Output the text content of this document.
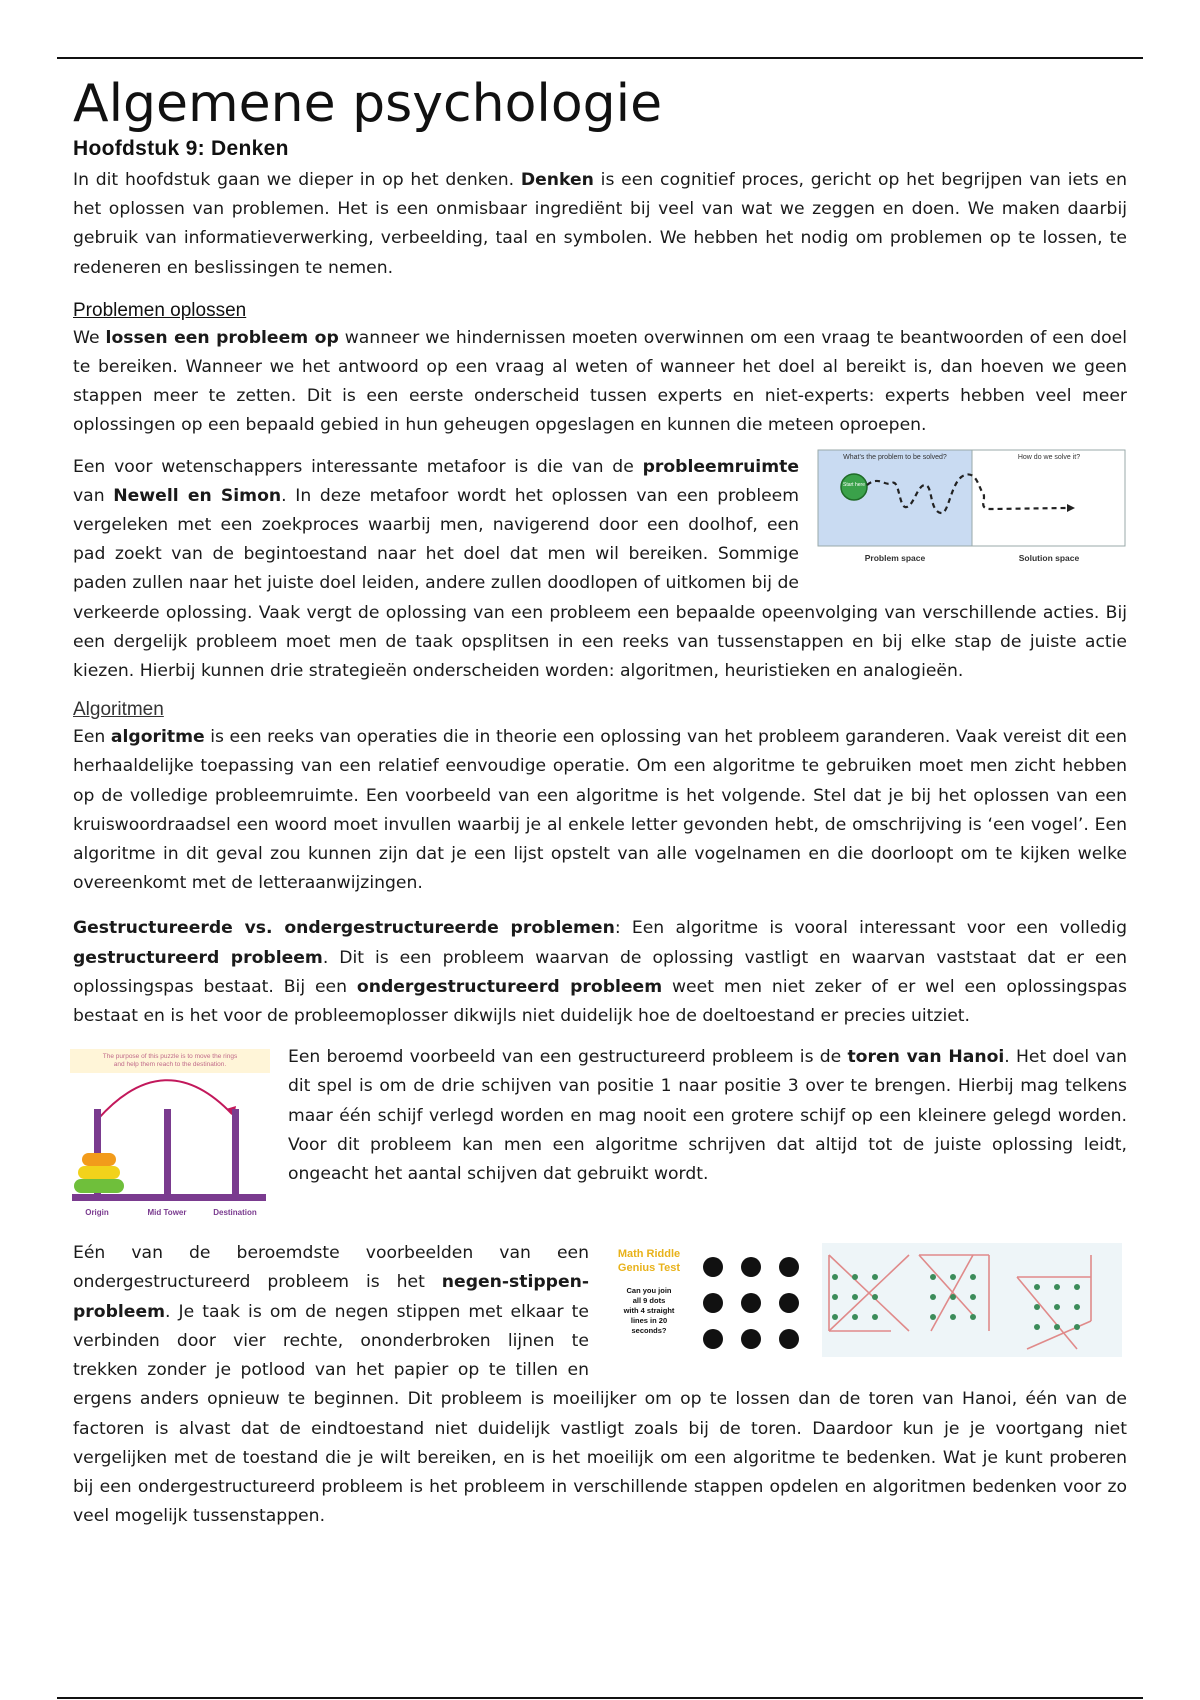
Algemene psychologie
Hoofdstuk 9: Denken

In dit hoofdstuk gaan we dieper in op het denken. Denken is een cognitief proces, gericht op het begrijpen van iets en het oplossen van problemen. Het is een onmisbaar ingrediënt bij veel van wat we zeggen en doen. We maken daarbij gebruik van informatieverwerking, verbeelding, taal en symbolen. We hebben het nodig om problemen op te lossen, te redeneren en beslissingen te nemen.

Problemen oplossen

We lossen een probleem op wanneer we hindernissen moeten overwinnen om een vraag te beantwoorden of een doel te bereiken. Wanneer we het antwoord op een vraag al weten of wanneer het doel al bereikt is, dan hoeven we geen stappen meer te zetten. Dit is een eerste onderscheid tussen experts en niet-experts: experts hebben veel meer oplossingen op een bepaald gebied in hun geheugen opgeslagen en kunnen die meteen oproepen.

What's the problem to be solved?	How do we solve it?
Start here
Problem space	Solution space

Een voor wetenschappers interessante metafoor is die van de probleemruimte van Newell en Simon. In deze metafoor wordt het oplossen van een probleem vergeleken met een zoekproces waarbij men, navigerend door een doolhof, een pad zoekt van de begintoestand naar het doel dat men wil bereiken. Sommige paden zullen naar het juiste doel leiden, andere zullen doodlopen of uitkomen bij de verkeerde oplossing. Vaak vergt de oplossing van een probleem een bepaalde opeenvolging van verschillende acties. Bij een dergelijk probleem moet men de taak opsplitsen in een reeks van tussenstappen en bij elke stap de juiste actie kiezen. Hierbij kunnen drie strategieën onderscheiden worden: algoritmen, heuristieken en analogieën.

Algoritmen

Een algoritme is een reeks van operaties die in theorie een oplossing van het probleem garanderen. Vaak vereist dit een herhaaldelijke toepassing van een relatief eenvoudige operatie. Om een algoritme te gebruiken moet men zicht hebben op de volledige probleemruimte. Een voorbeeld van een algoritme is het volgende. Stel dat je bij het oplossen van een kruiswoordraadsel een woord moet invullen waarbij je al enkele letter gevonden hebt, de omschrijving is ‘een vogel’. Een algoritme in dit geval zou kunnen zijn dat je een lijst opstelt van alle vogelnamen en die doorloopt om te kijken welke overeenkomt met de letteraanwijzingen.

Gestructureerde vs. ondergestructureerde problemen: Een algoritme is vooral interessant voor een volledig gestructureerd probleem. Dit is een probleem waarvan de oplossing vastligt en waarvan vaststaat dat er een oplossingspas bestaat. Bij een ondergestructureerd probleem weet men niet zeker of er wel een oplossingspas bestaat en is het voor de probleemoplosser dikwijls niet duidelijk hoe de doeltoestand er precies uitziet.

The purpose of this puzzle is to move the rings
and help them reach to the destination.
Origin	Mid Tower	Destination

Een beroemd voorbeeld van een gestructureerd probleem is de toren van Hanoi. Het doel van dit spel is om de drie schijven van positie 1 naar positie 3 over te brengen. Hierbij mag telkens maar één schijf verlegd worden en mag nooit een grotere schijf op een kleinere gelegd worden. Voor dit probleem kan men een algoritme schrijven dat altijd tot de juiste oplossing leidt, ongeacht het aantal schijven dat gebruikt wordt.

Math Riddle
Genius Test
Can you join
all 9 dots
with 4 straight
lines in 20
seconds?

Eén van de beroemdste voorbeelden van een ondergestructureerd probleem is het negen-stippen-probleem. Je taak is om de negen stippen met elkaar te verbinden door vier rechte, ononderbroken lijnen te trekken zonder je potlood van het papier op te tillen en ergens anders opnieuw te beginnen. Dit probleem is moeilijker om op te lossen dan de toren van Hanoi, één van de factoren is alvast dat de eindtoestand niet duidelijk vastligt zoals bij de toren. Daardoor kun je je voortgang niet vergelijken met de toestand die je wilt bereiken, en is het moeilijk om een algoritme te bedenken. Wat je kunt proberen bij een ondergestructureerd probleem is het probleem in verschillende stappen opdelen en algoritmen bedenken voor zo veel mogelijk tussenstappen.
